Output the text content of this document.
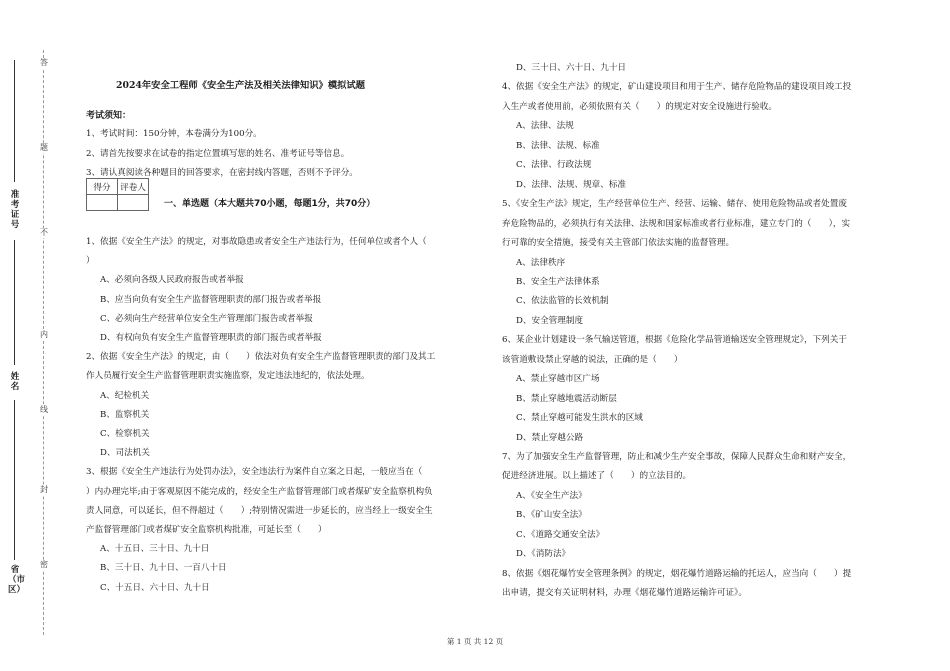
答
题
不
内
线
封
密
准考证号
姓名
省（市区）
2024年安全工程师《安全生产法及相关法律知识》模拟试题
考试须知：
1、考试时间：150分钟，本卷满分为100分。
2、请首先按要求在试卷的指定位置填写您的姓名、准考证号等信息。
3、请认真阅读各种题目的回答要求，在密封线内答题，否则不予评分。
得分	评卷人

一、单选题（本大题共70小题，每题1分，共70分）
1、依据《安全生产法》的规定，对事故隐患或者安全生产违法行为，任何单位或者个人（
）
A、必须向各级人民政府报告或者举报
B、应当向负有安全生产监督管理职责的部门报告或者举报
C、必须向生产经营单位安全生产管理部门报告或者举报
D、有权向负有安全生产监督管理职责的部门报告或者举报
2、依据《安全生产法》的规定，由（　　）依法对负有安全生产监督管理职责的部门及其工
作人员履行安全生产监督管理职责实施监察，发定违法违纪的，依法处理。
A、纪检机关
B、监察机关
C、检察机关
D、司法机关
3、根据《安全生产违法行为处罚办法》，安全违法行为案件自立案之日起，一般应当在（
）内办理完毕;由于客观原因不能完成的，经安全生产监督管理部门或者煤矿安全监察机构负
责人同意，可以延长，但不得超过（　　）;特别情况需进一步延长的，应当经上一级安全生
产监督管理部门或者煤矿安全监察机构批准，可延长至（　　）
A、十五日、三十日、九十日
B、三十日、九十日、一百八十日
C、十五日、六十日、九十日
D、三十日、六十日、九十日
4、依据《安全生产法》的规定，矿山建设项目和用于生产、储存危险物品的建设项目竣工投
入生产或者使用前，必须依照有关（　　）的规定对安全设施进行验收。
A、法律、法规
B、法律、法规、标准
C、法律、行政法规
D、法律、法规、规章、标准
5、《安全生产法》规定，生产经营单位生产、经营、运输、储存、使用危险物品或者处置废
弃危险物品的，必须执行有关法律、法规和国家标准或者行业标准，建立专门的（　　），实
行可靠的安全措施，接受有关主管部门依法实施的监督管理。
A、法律秩序
B、安全生产法律体系
C、依法监管的长效机制
D、安全管理制度
6、某企业计划建设一条气输送管道，根据《危险化学品管道输送安全管理规定》，下列关于
该管道敷设禁止穿越的说法，正确的是（　　）
A、禁止穿越市区广场
B、禁止穿越地震活动断层
C、禁止穿越可能发生洪水的区域
D、禁止穿越公路
7、为了加强安全生产监督管理，防止和减少生产安全事故，保障人民群众生命和财产安全，
促进经济进展。以上描述了（　　）的立法目的。
A、《安全生产法》
B、《矿山安全法》
C、《道路交通安全法》
D、《消防法》
8、依据《烟花爆竹安全管理条例》的规定，烟花爆竹道路运输的托运人，应当向（　　）提
出申请，提交有关证明材料，办理《烟花爆竹道路运输许可证》。
第 1 页 共 12 页
